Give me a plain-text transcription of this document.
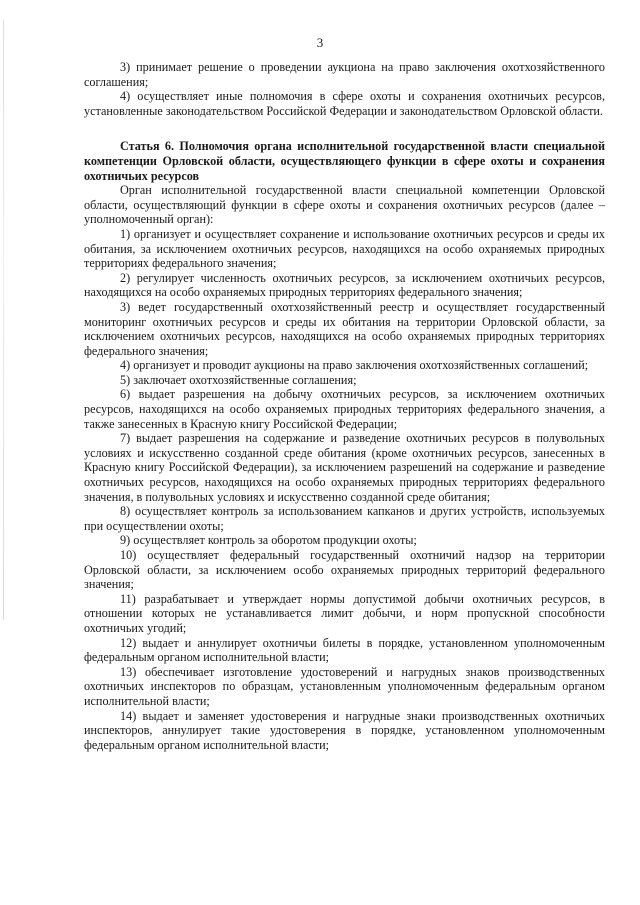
3

3) принимает решение о проведении аукциона на право заключения охотхозяйственного соглашения;

4) осуществляет иные полномочия в сфере охоты и сохранения охотничьих ресурсов, установленные законодательством Российской Федерации и законодательством Орловской области.

Статья 6. Полномочия органа исполнительной государственной власти специальной компетенции Орловской области, осуществляющего функции в сфере охоты и сохранения охотничьих ресурсов

Орган исполнительной государственной власти специальной компетенции Орловской области, осуществляющий функции в сфере охоты и сохранения охотничьих ресурсов (далее – уполномоченный орган):

1) организует и осуществляет сохранение и использование охотничьих ресурсов и среды их обитания, за исключением охотничьих ресурсов, находящихся на особо охраняемых природных территориях федерального значения;

2) регулирует численность охотничьих ресурсов, за исключением охотничьих ресурсов, находящихся на особо охраняемых природных территориях федерального значения;

3) ведет государственный охотхозяйственный реестр и осуществляет государственный мониторинг охотничьих ресурсов и среды их обитания на территории Орловской области, за исключением охотничьих ресурсов, находящихся на особо охраняемых природных территориях федерального значения;

4) организует и проводит аукционы на право заключения охотхозяйственных соглашений;

5) заключает охотхозяйственные соглашения;

6) выдает разрешения на добычу охотничьих ресурсов, за исключением охотничьих ресурсов, находящихся на особо охраняемых природных территориях федерального значения, а также занесенных в Красную книгу Российской Федерации;

7) выдает разрешения на содержание и разведение охотничьих ресурсов в полувольных условиях и искусственно созданной среде обитания (кроме охотничьих ресурсов, занесенных в Красную книгу Российской Федерации), за исключением разрешений на содержание и разведение охотничьих ресурсов, находящихся на особо охраняемых природных территориях федерального значения, в полувольных условиях и искусственно созданной среде обитания;

8) осуществляет контроль за использованием капканов и других устройств, используемых при осуществлении охоты;

9) осуществляет контроль за оборотом продукции охоты;

10) осуществляет федеральный государственный охотничий надзор на территории Орловской области, за исключением особо охраняемых природных территорий федерального значения;

11) разрабатывает и утверждает нормы допустимой добычи охотничьих ресурсов, в отношении которых не устанавливается лимит добычи, и норм пропускной способности охотничьих угодий;

12) выдает и аннулирует охотничьи билеты в порядке, установленном уполномоченным федеральным органом исполнительной власти;

13) обеспечивает изготовление удостоверений и нагрудных знаков производственных охотничьих инспекторов по образцам, установленным уполномоченным федеральным органом исполнительной власти;

14) выдает и заменяет удостоверения и нагрудные знаки производственных охотничьих инспекторов, аннулирует такие удостоверения в порядке, установленном уполномоченным федеральным органом исполнительной власти;
